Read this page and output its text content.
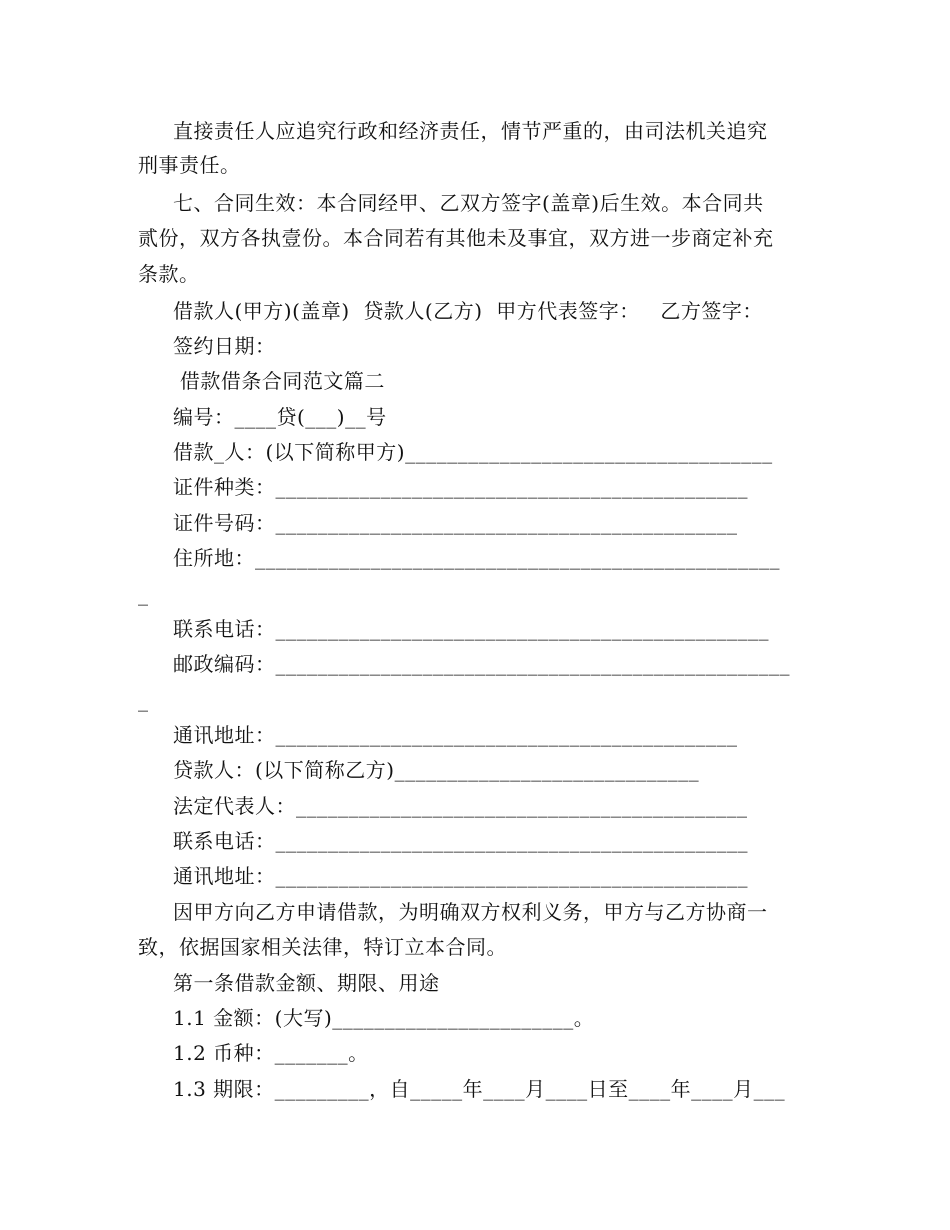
直接责任人应追究行政和经济责任，情节严重的，由司法机关追究
刑事责任。
七、合同生效：本合同经甲、乙双方签字(盖章)后生效。本合同共
贰份，双方各执壹份。本合同若有其他未及事宜，双方进一步商定补充
条款。
借款人(甲方)(盖章)  贷款人(乙方)  甲方代表签字：   乙方签字：
签约日期：
借款借条合同范文篇二
编号：____贷(___)__号
借款_人：(以下简称甲方)___________________________________
证件种类：_____________________________________________
证件号码：____________________________________________
住所地：__________________________________________________
_
联系电话：_______________________________________________
邮政编码：_________________________________________________
_
通讯地址：____________________________________________
贷款人：(以下简称乙方)_____________________________
法定代表人：___________________________________________
联系电话：_____________________________________________
通讯地址：_____________________________________________
因甲方向乙方申请借款，为明确双方权利义务，甲方与乙方协商一
致，依据国家相关法律，特订立本合同。
第一条借款金额、期限、用途
1.1 金额：(大写)_______________________。
1.2 币种：_______。
1.3 期限：_________，自_____年____月____日至____年____月___
